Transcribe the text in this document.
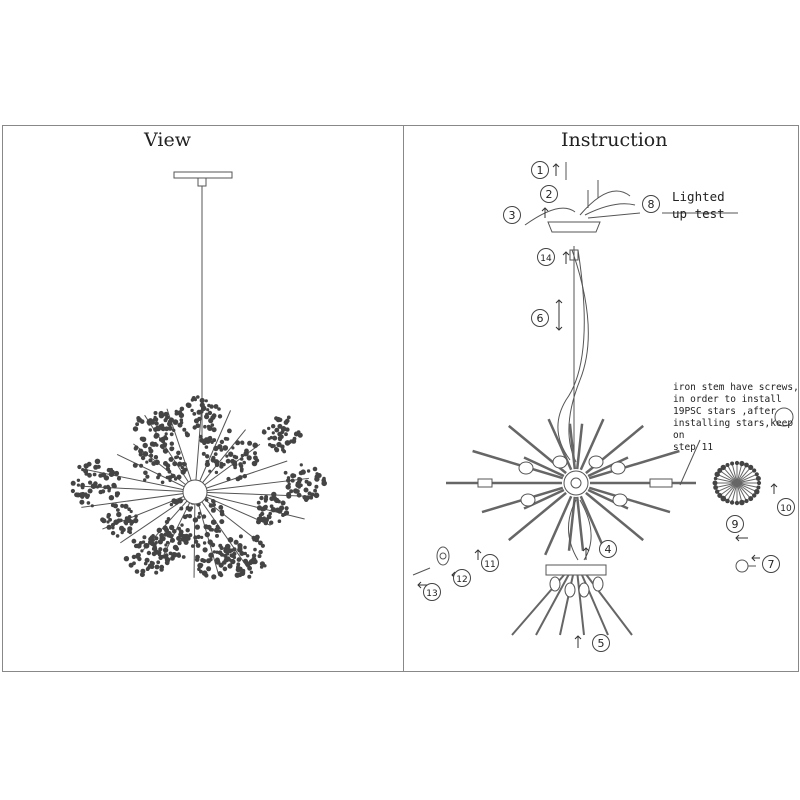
View	Instruction
1
2
3
4
5
6
7
8
9
10
11
12
13
14
Lighted
up test
iron stem have screws,
in order to install
19PSC stars ,after
installing stars,keep on
step 11
